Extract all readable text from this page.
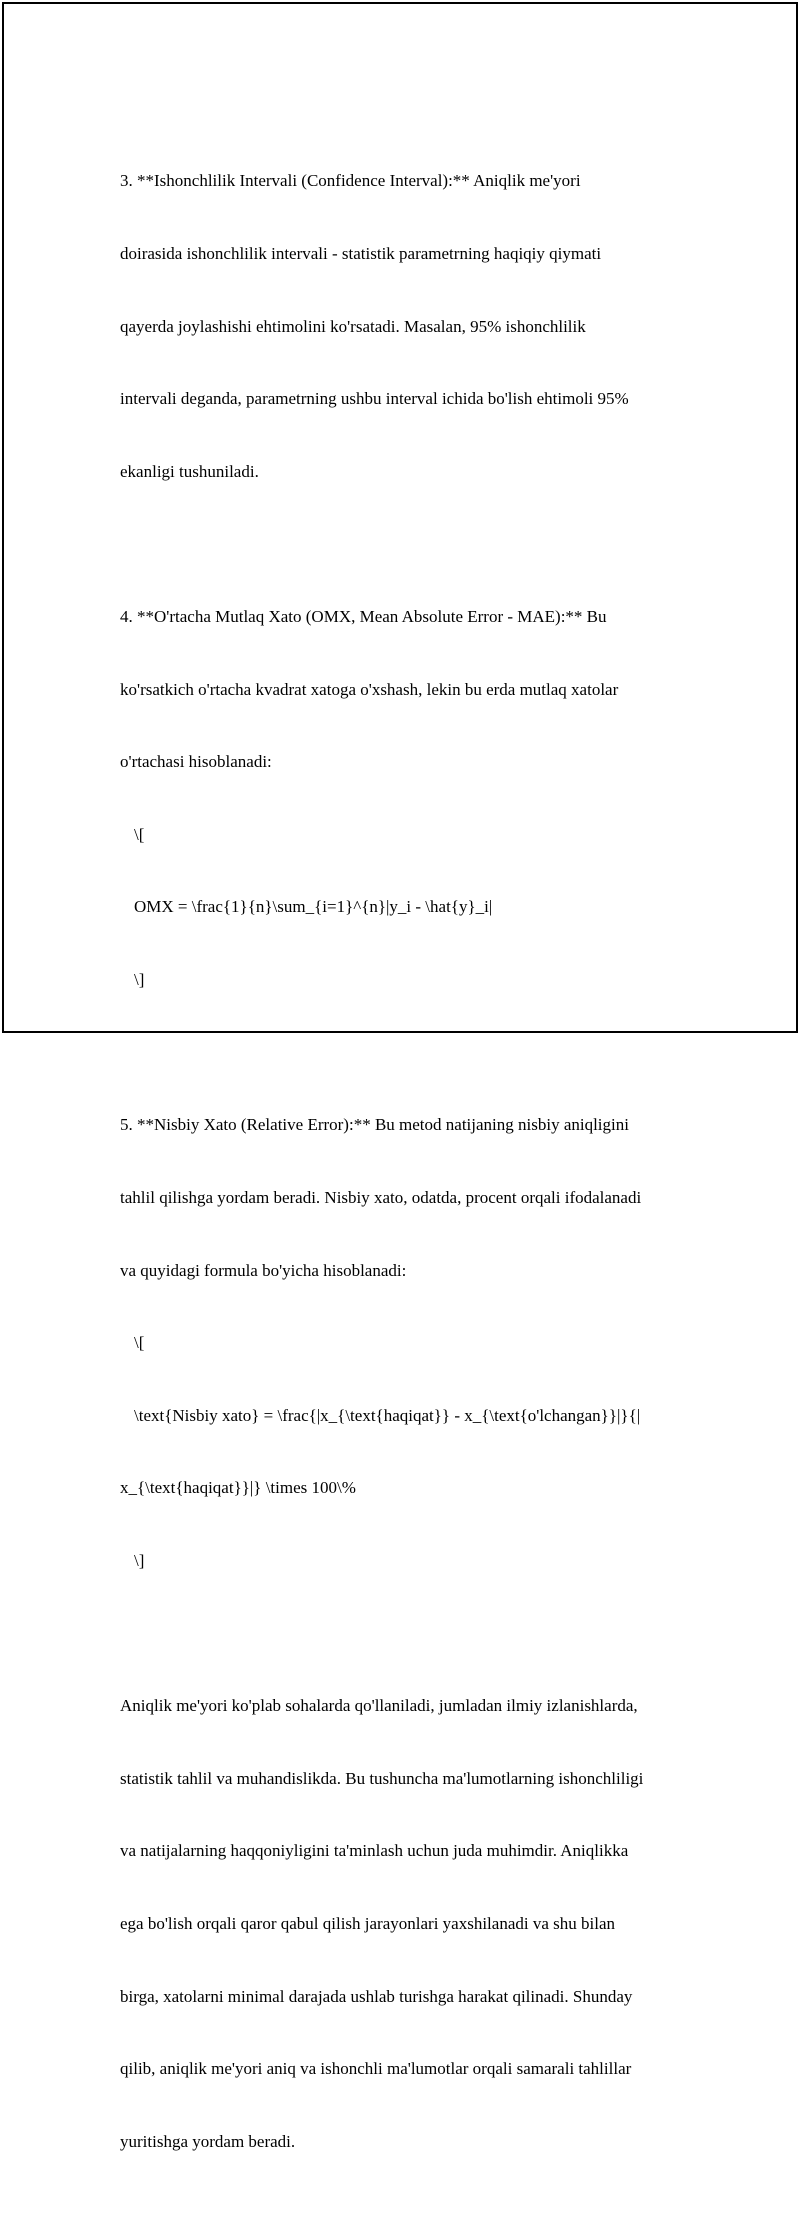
3. **Ishonchlilik Intervali (Confidence Interval):** Aniqlik me'yori

doirasida ishonchlilik intervali - statistik parametrning haqiqiy qiymati

qayerda joylashishi ehtimolini ko'rsatadi. Masalan, 95% ishonchlilik

intervali deganda, parametrning ushbu interval ichida bo'lish ehtimoli 95%

ekanligi tushuniladi.

4. **O'rtacha Mutlaq Xato (OMX, Mean Absolute Error - MAE):** Bu

ko'rsatkich o'rtacha kvadrat xatoga o'xshash, lekin bu erda mutlaq xatolar

o'rtachasi hisoblanadi:

\[

OMX = \frac{1}{n}\sum_{i=1}^{n}|y_i - \hat{y}_i|

\]

5. **Nisbiy Xato (Relative Error):** Bu metod natijaning nisbiy aniqligini

tahlil qilishga yordam beradi. Nisbiy xato, odatda, procent orqali ifodalanadi

va quyidagi formula bo'yicha hisoblanadi:

\[

\text{Nisbiy xato} = \frac{|x_{\text{haqiqat}} - x_{\text{o'lchangan}}|}{|

x_{\text{haqiqat}}|} \times 100\%

\]

Aniqlik me'yori ko'plab sohalarda qo'llaniladi, jumladan ilmiy izlanishlarda,

statistik tahlil va muhandislikda. Bu tushuncha ma'lumotlarning ishonchliligi

va natijalarning haqqoniyligini ta'minlash uchun juda muhimdir. Aniqlikka

ega bo'lish orqali qaror qabul qilish jarayonlari yaxshilanadi va shu bilan

birga, xatolarni minimal darajada ushlab turishga harakat qilinadi. Shunday

qilib, aniqlik me'yori aniq va ishonchli ma'lumotlar orqali samarali tahlillar

yuritishga yordam beradi.
